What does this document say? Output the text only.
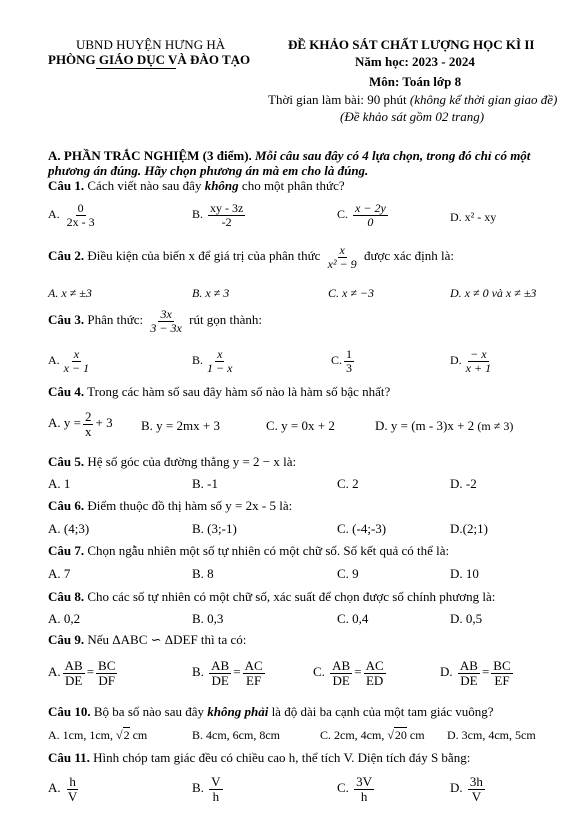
UBND HUYỆN HƯNG HÀ
PHÒNG GIÁO DỤC VÀ ĐÀO TẠO
ĐỀ KHẢO SÁT CHẤT LƯỢNG HỌC KÌ II
Năm học: 2023 - 2024
Môn: Toán lớp 8
Thời gian làm bài: 90 phút (không kể thời gian giao đề)
(Đề khảo sát gồm 02 trang)
A. PHẦN TRẮC NGHIỆM (3 điểm). Mỗi câu sau đây có 4 lựa chọn, trong đó chỉ có một
phương án đúng. Hãy chọn phương án mà em cho là đúng.
Câu 1. Cách viết nào sau đây không cho một phân thức?
A. $\frac{0}{2x - 3}$	B. $\frac{xy - 3z}{-2}$	C. $\frac{x - 2y}{0}$	D. x² - xy
Câu 2. Điều kiện của biến x để giá trị của phân thức $\frac{x}{\text{x² − 9}}$ được xác định là:
A. x ≠ ±3	B. x ≠ 3	C. x ≠ −3	D. x ≠ 0 và x ≠ ±3
Câu 3. Phân thức: $\frac{3x}{3 - 3x}$ rút gọn thành:
A. $\frac{x}{x - 1}$	B. $\frac{x}{1 - x}$	C. $\frac{1}{3}$	D. $\frac{- x}{x + 1}$
Câu 4. Trong các hàm số sau đây hàm số nào là hàm số bậc nhất?
A. $y = \frac{2}{x} + 3$ B. y = 2mx + 3	C. y = 0x + 2	D. y = (m - 3)x + 2 (m ≠ 3)
Câu 5. Hệ số góc của đường thẳng y = 2 − x là:
A. 1	B. -1	C. 2	D. -2
Câu 6. Điểm thuộc đồ thị hàm số y = 2x - 5 là:
A. (4;3)	B. (3;-1)	C. (-4;-3)	D.(2;1)
Câu 7. Chọn ngẫu nhiên một số tự nhiên có một chữ số. Số kết quả có thể là:
A. 7	B. 8	C. 9	D. 10
Câu 8. Cho các số tự nhiên có một chữ số, xác suất để chọn được số chính phương là:
A. 0,2	B. 0,3	C. 0,4	D. 0,5
Câu 9. Nếu ΔABC ∽ ΔDEF thì ta có:
A. $\frac{AB}{DE} = \frac{BC}{DF}$	B. $\frac{AB}{DE} = \frac{AC}{EF}$	C. $\frac{AB}{DE} = \frac{AC}{ED}$	D. $\frac{AB}{DE} = \frac{BC}{EF}$
Câu 10. Bộ ba số nào sau đây không phải là độ dài ba cạnh của một tam giác vuông?
A. 1cm, 1cm, √2 cm	B. 4cm, 6cm, 8cm	C. 2cm, 4cm, √20 cm D. 3cm, 4cm, 5cm
Câu 11. Hình chóp tam giác đều có chiều cao h, thể tích V. Diện tích đáy S bằng:
A. $\frac{h}{V}$	B. $\frac{V}{h}$	C. $\frac{3V}{h}$	D. $\frac{3h}{V}$
